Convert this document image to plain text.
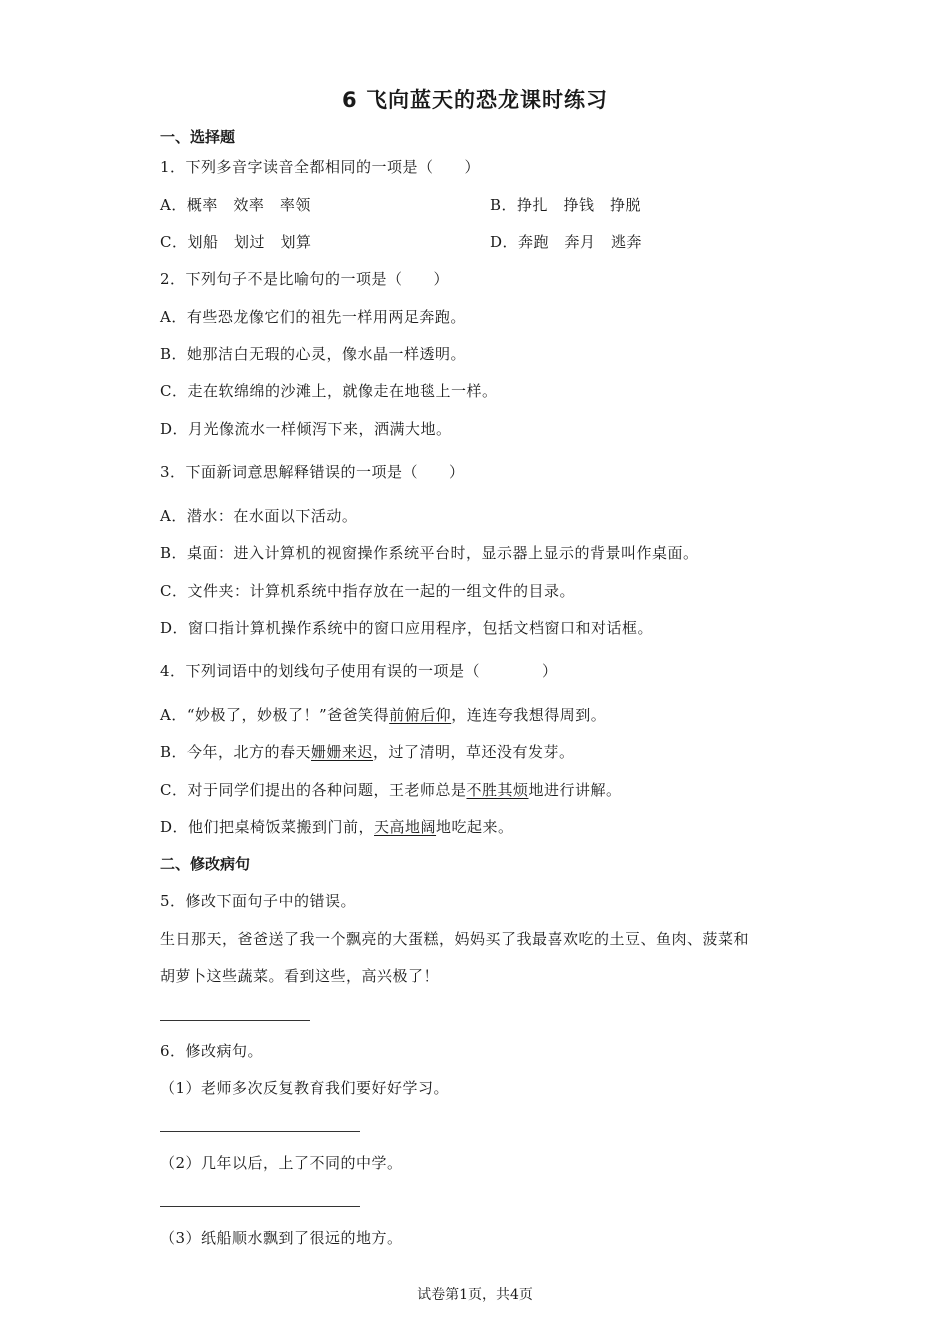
6 飞向蓝天的恐龙课时练习
一、选择题
1．下列多音字读音全都相同的一项是（　　）
A．概率　效率　率领	B．挣扎　挣钱　挣脱
C．划船　划过　划算	D．奔跑　奔月　逃奔
2．下列句子不是比喻句的一项是（　　）
A．有些恐龙像它们的祖先一样用两足奔跑。
B．她那洁白无瑕的心灵，像水晶一样透明。
C．走在软绵绵的沙滩上，就像走在地毯上一样。
D．月光像流水一样倾泻下来，洒满大地。
3．下面新词意思解释错误的一项是（　　）
A．潜水：在水面以下活动。
B．桌面：进入计算机的视窗操作系统平台时，显示器上显示的背景叫作桌面。
C．文件夹：计算机系统中指存放在一起的一组文件的目录。
D．窗口指计算机操作系统中的窗口应用程序，包括文档窗口和对话框。
4．下列词语中的划线句子使用有误的一项是（　　　　）
A．“妙极了，妙极了！”爸爸笑得前俯后仰，连连夸我想得周到。
B．今年，北方的春天姗姗来迟，过了清明，草还没有发芽。
C．对于同学们提出的各种问题，王老师总是不胜其烦地进行讲解。
D．他们把桌椅饭菜搬到门前，天高地阔地吃起来。
二、修改病句
5．修改下面句子中的错误。
生日那天，爸爸送了我一个飘亮的大蛋糕，妈妈买了我最喜欢吃的土豆、鱼肉、菠菜和
胡萝卜这些蔬菜。看到这些，高兴极了！
6．修改病句。
（1）老师多次反复教育我们要好好学习。
（2）几年以后，上了不同的中学。
（3）纸船顺水飘到了很远的地方。
试卷第1页，共4页
